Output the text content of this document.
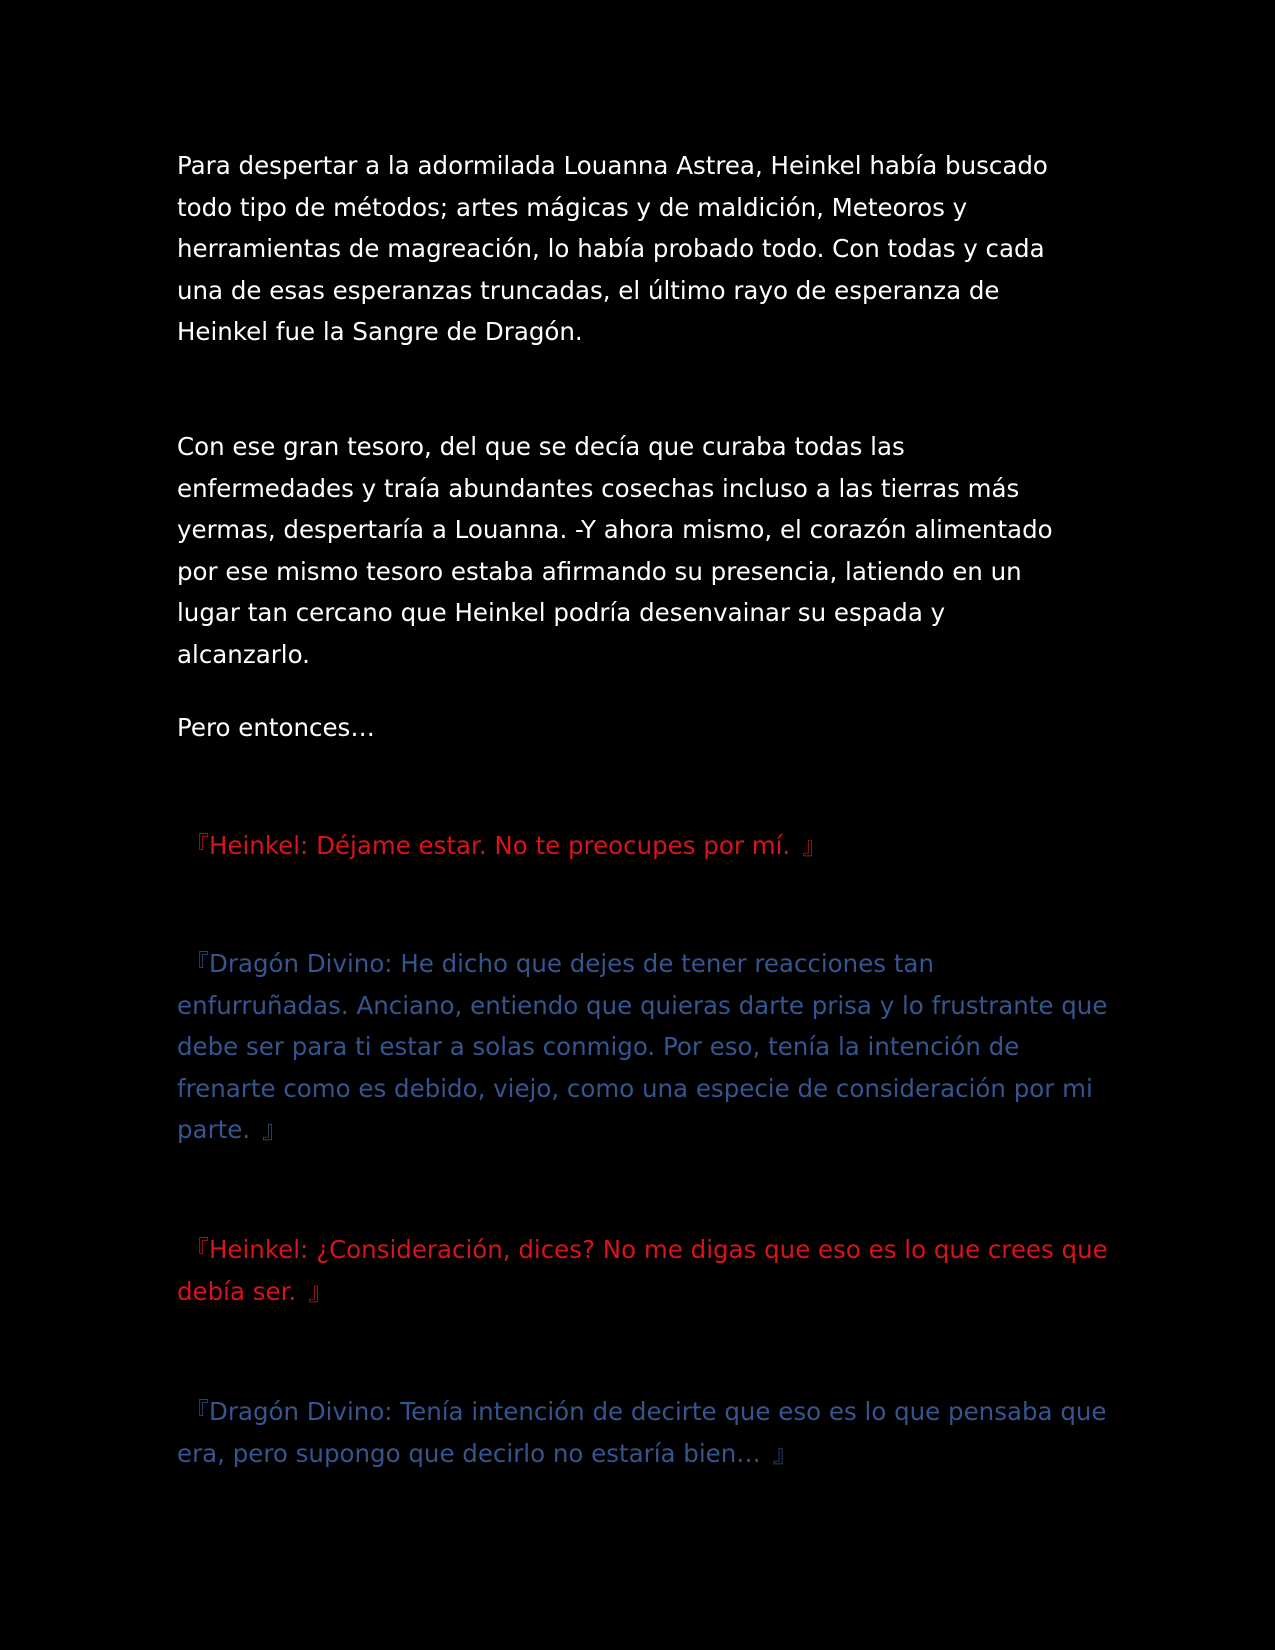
Para despertar a la adormilada Louanna Astrea, Heinkel había buscado todo tipo de métodos; artes mágicas y de maldición, Meteoros y herramientas de magreación, lo había probado todo. Con todas y cada una de esas esperanzas truncadas, el último rayo de esperanza de Heinkel fue la Sangre de Dragón.

Con ese gran tesoro, del que se decía que curaba todas las enfermedades y traía abundantes cosechas incluso a las tierras más yermas, despertaría a Louanna. -Y ahora mismo, el corazón alimentado por ese mismo tesoro estaba afirmando su presencia, latiendo en un lugar tan cercano que Heinkel podría desenvainar su espada y alcanzarlo.

Pero entonces…

『Heinkel: Déjame estar. No te preocupes por mí. 』

『Dragón Divino: He dicho que dejes de tener reacciones tan enfurruñadas. Anciano, entiendo que quieras darte prisa y lo frustrante que debe ser para ti estar a solas conmigo. Por eso, tenía la intención de frenarte como es debido, viejo, como una especie de consideración por mi parte. 』

『Heinkel: ¿Consideración, dices? No me digas que eso es lo que crees que debía ser. 』

『Dragón Divino: Tenía intención de decirte que eso es lo que pensaba que era, pero supongo que decirlo no estaría bien… 』
